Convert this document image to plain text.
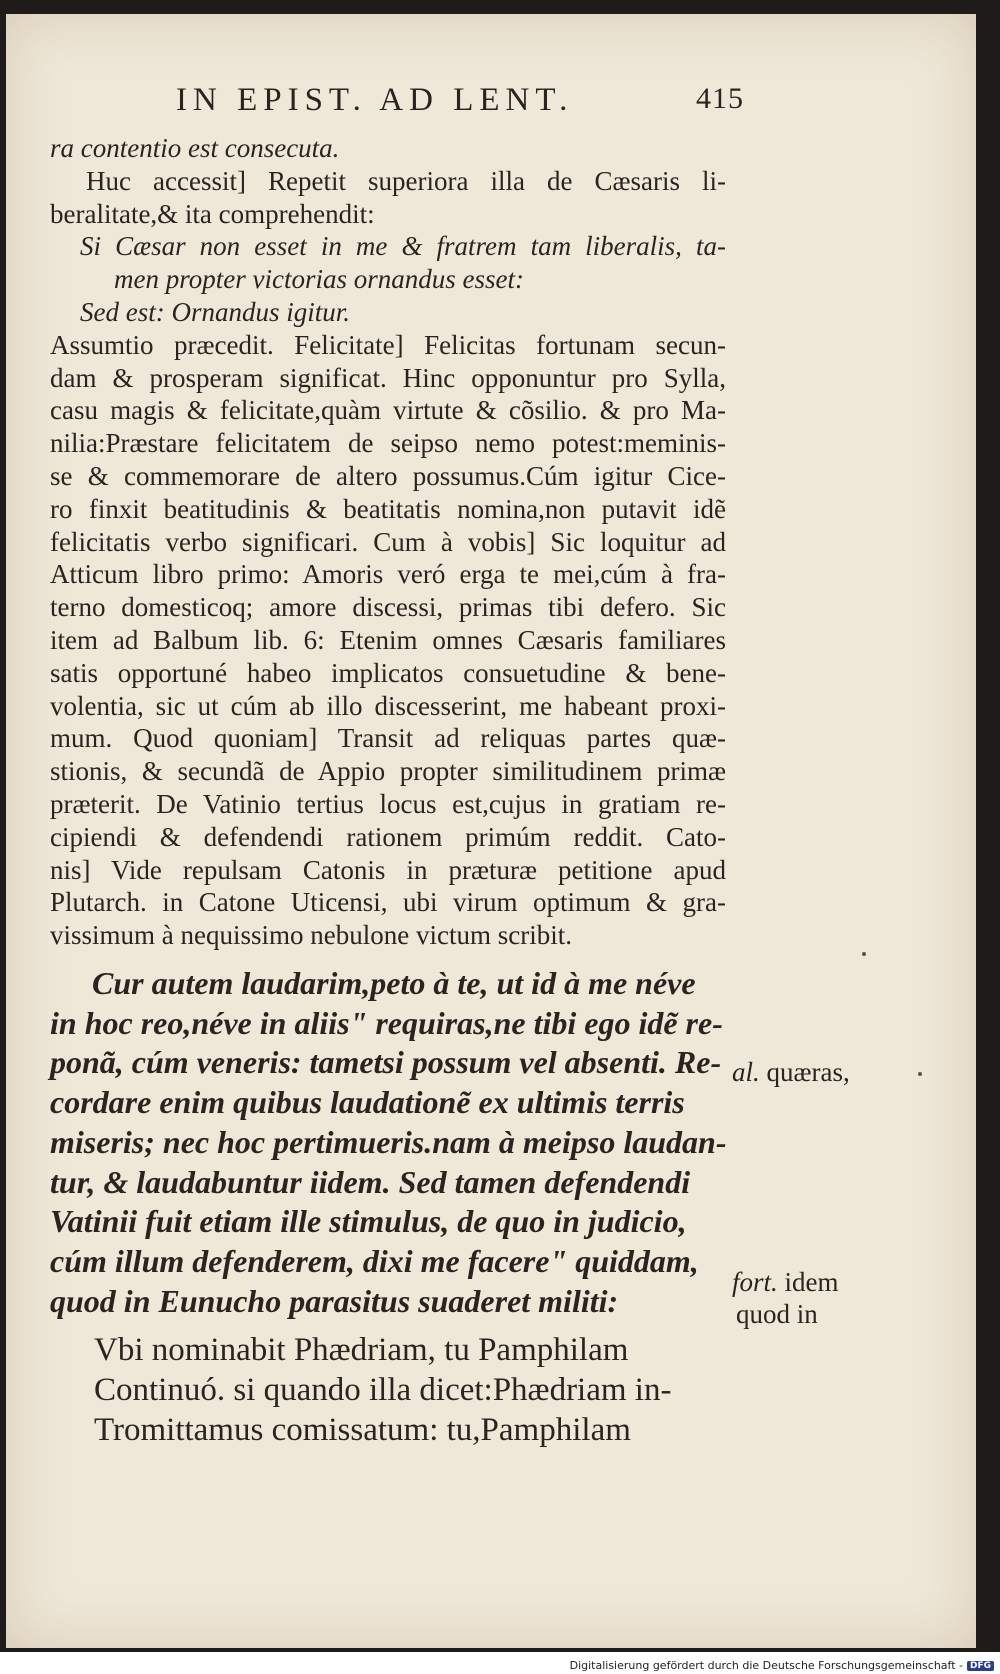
IN EPIST. AD LENT.	415
ra contentio est consecuta.
Huc accessit] Repetit superiora illa de Cæsaris li-
beralitate,& ita comprehendit:
Si Cæsar non esset in me & fratrem tam liberalis, ta-
men propter victorias ornandus esset:
Sed est: Ornandus igitur.
Assumtio præcedit. Felicitate] Felicitas fortunam secun-
dam & prosperam significat. Hinc opponuntur pro Sylla,
casu magis & felicitate,quàm virtute & cõsilio. & pro Ma-
nilia:Præstare felicitatem de seipso nemo potest:meminis-
se & commemorare de altero possumus.Cúm igitur Cice-
ro finxit beatitudinis & beatitatis nomina,non putavit idẽ
felicitatis verbo significari. Cum à vobis] Sic loquitur ad
Atticum libro primo: Amoris veró erga te mei,cúm à fra-
terno domesticoq; amore discessi, primas tibi defero. Sic
item ad Balbum lib. 6: Etenim omnes Cæsaris familiares
satis opportuné habeo implicatos consuetudine & bene-
volentia, sic ut cúm ab illo discesserint, me habeant proxi-
mum. Quod quoniam] Transit ad reliquas partes quæ-
stionis, & secundã de Appio propter similitudinem primæ
præterit. De Vatinio tertius locus est,cujus in gratiam re-
cipiendi & defendendi rationem primúm reddit. Cato-
nis] Vide repulsam Catonis in præturæ petitione apud
Plutarch. in Catone Uticensi, ubi virum optimum & gra-
vissimum à nequissimo nebulone victum scribit.
Cur autem laudarim,peto à te, ut id à me néve
in hoc reo,néve in aliis" requiras,ne tibi ego idẽ re-
ponã, cúm veneris: tametsi possum vel absenti. Re-
cordare enim quibus laudationẽ ex ultimis terris
miseris; nec hoc pertimueris.nam à meipso laudan-
tur, & laudabuntur iidem. Sed tamen defendendi
Vatinii fuit etiam ille stimulus, de quo in judicio,
cúm illum defenderem, dixi me facere" quiddam,
quod in Eunucho parasitus suaderet militi:
Vbi nominabit Phædriam, tu Pamphilam
Continuó. si quando illa dicet:Phædriam in-
Tromittamus comissatum: tu,Pamphilam
al. quæras,
fort. idem
quod in
Digitalisierung gefördert durch die Deutsche Forschungsgemeinschaft - DFG
